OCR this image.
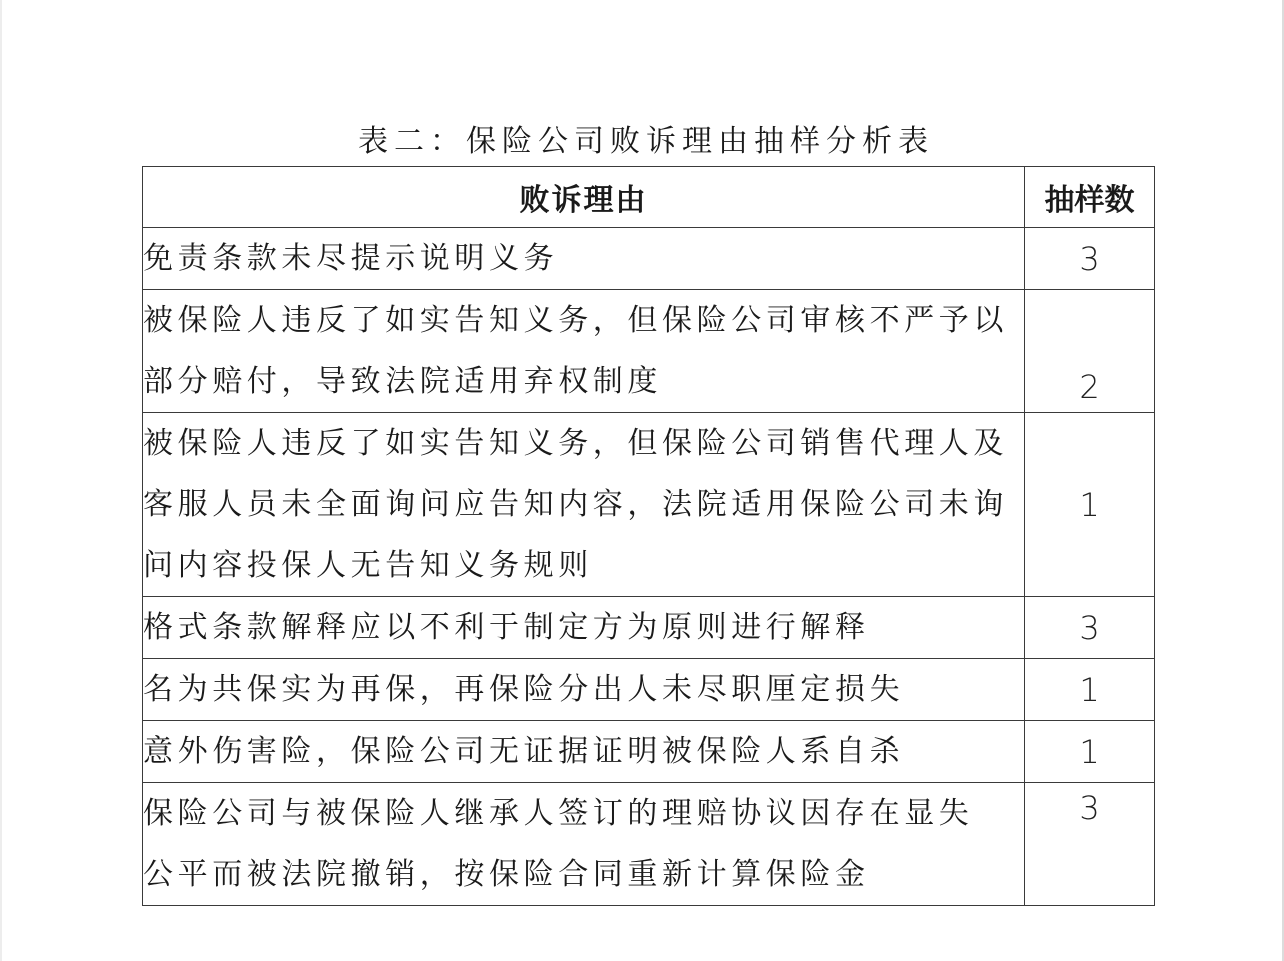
表二：保险公司败诉理由抽样分析表
败诉理由	抽样数
免责条款未尽提示说明义务	3

被保险人违反了如实告知义务，但保险公司审核不严予以
部分赔付，导致法院适用弃权制度	2

被保险人违反了如实告知义务，但保险公司销售代理人及
客服人员未全面询问应告知内容，法院适用保险公司未询
问内容投保人无告知义务规则	1
格式条款解释应以不利于制定方为原则进行解释	3
名为共保实为再保，再保险分出人未尽职厘定损失	1
意外伤害险，保险公司无证据证明被保险人系自杀	1

保险公司与被保险人继承人签订的理赔协议因存在显失
公平而被法院撤销，按保险合同重新计算保险金	3
